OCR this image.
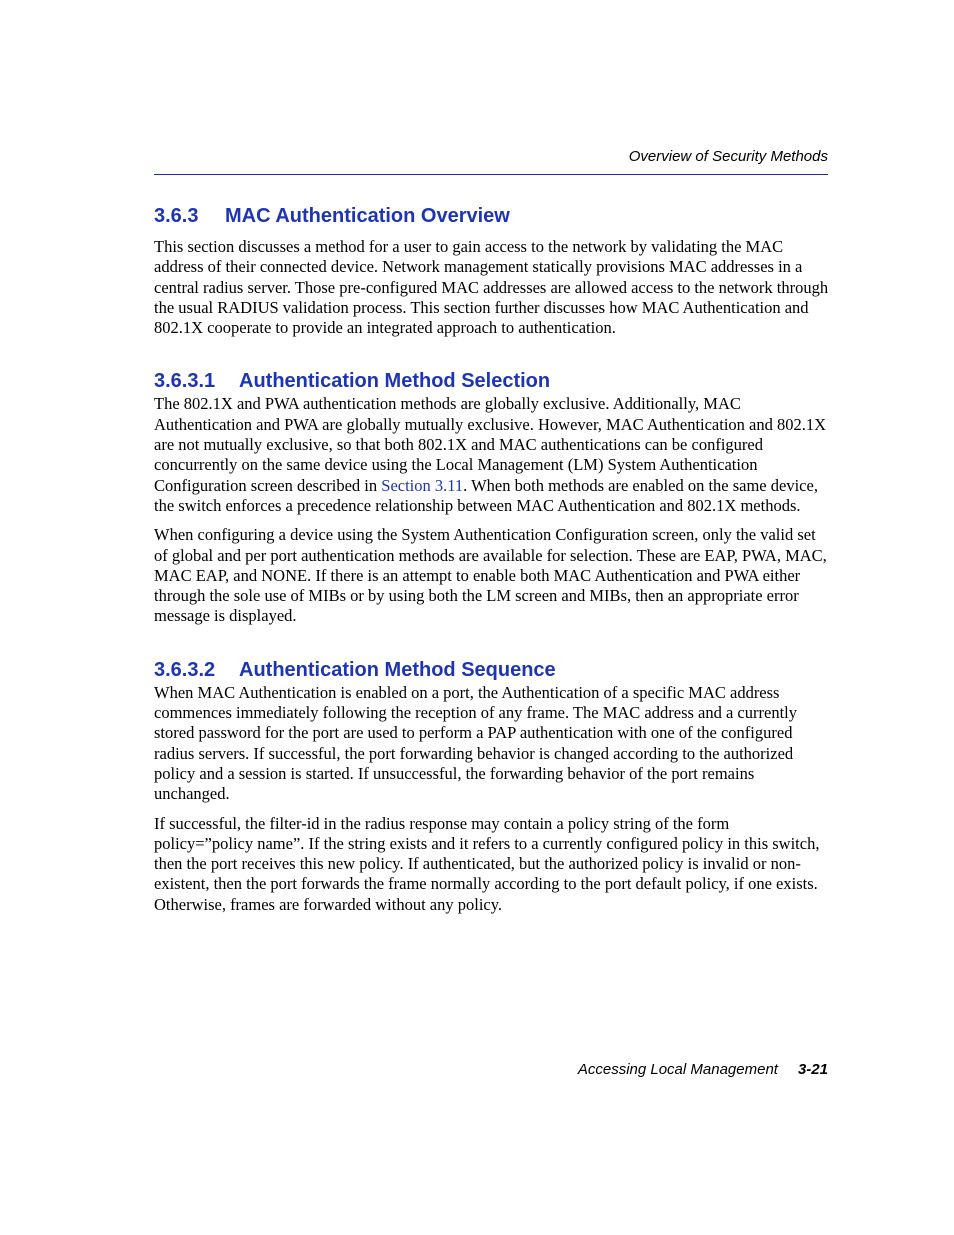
Overview of Security Methods
3.6.3 MAC Authentication Overview

This section discusses a method for a user to gain access to the network by validating the MAC address of their connected device. Network management statically provisions MAC addresses in a central radius server. Those pre-configured MAC addresses are allowed access to the network through the usual RADIUS validation process. This section further discusses how MAC Authentication and 802.1X cooperate to provide an integrated approach to authentication.

3.6.3.1 Authentication Method Selection

The 802.1X and PWA authentication methods are globally exclusive. Additionally, MAC Authentication and PWA are globally mutually exclusive. However, MAC Authentication and 802.1X are not mutually exclusive, so that both 802.1X and MAC authentications can be configured concurrently on the same device using the Local Management (LM) System Authentication Configuration screen described in Section 3.11. When both methods are enabled on the same device, the switch enforces a precedence relationship between MAC Authentication and 802.1X methods.

When configuring a device using the System Authentication Configuration screen, only the valid set of global and per port authentication methods are available for selection. These are EAP, PWA, MAC, MAC EAP, and NONE. If there is an attempt to enable both MAC Authentication and PWA either through the sole use of MIBs or by using both the LM screen and MIBs, then an appropriate error message is displayed.

3.6.3.2 Authentication Method Sequence

When MAC Authentication is enabled on a port, the Authentication of a specific MAC address commences immediately following the reception of any frame. The MAC address and a currently stored password for the port are used to perform a PAP authentication with one of the configured radius servers. If successful, the port forwarding behavior is changed according to the authorized policy and a session is started. If unsuccessful, the forwarding behavior of the port remains unchanged.

If successful, the filter-id in the radius response may contain a policy string of the form policy=”policy name”. If the string exists and it refers to a currently configured policy in this switch, then the port receives this new policy. If authenticated, but the authorized policy is invalid or non-existent, then the port forwards the frame normally according to the port default policy, if one exists. Otherwise, frames are forwarded without any policy.

Accessing Local Management 3-21
